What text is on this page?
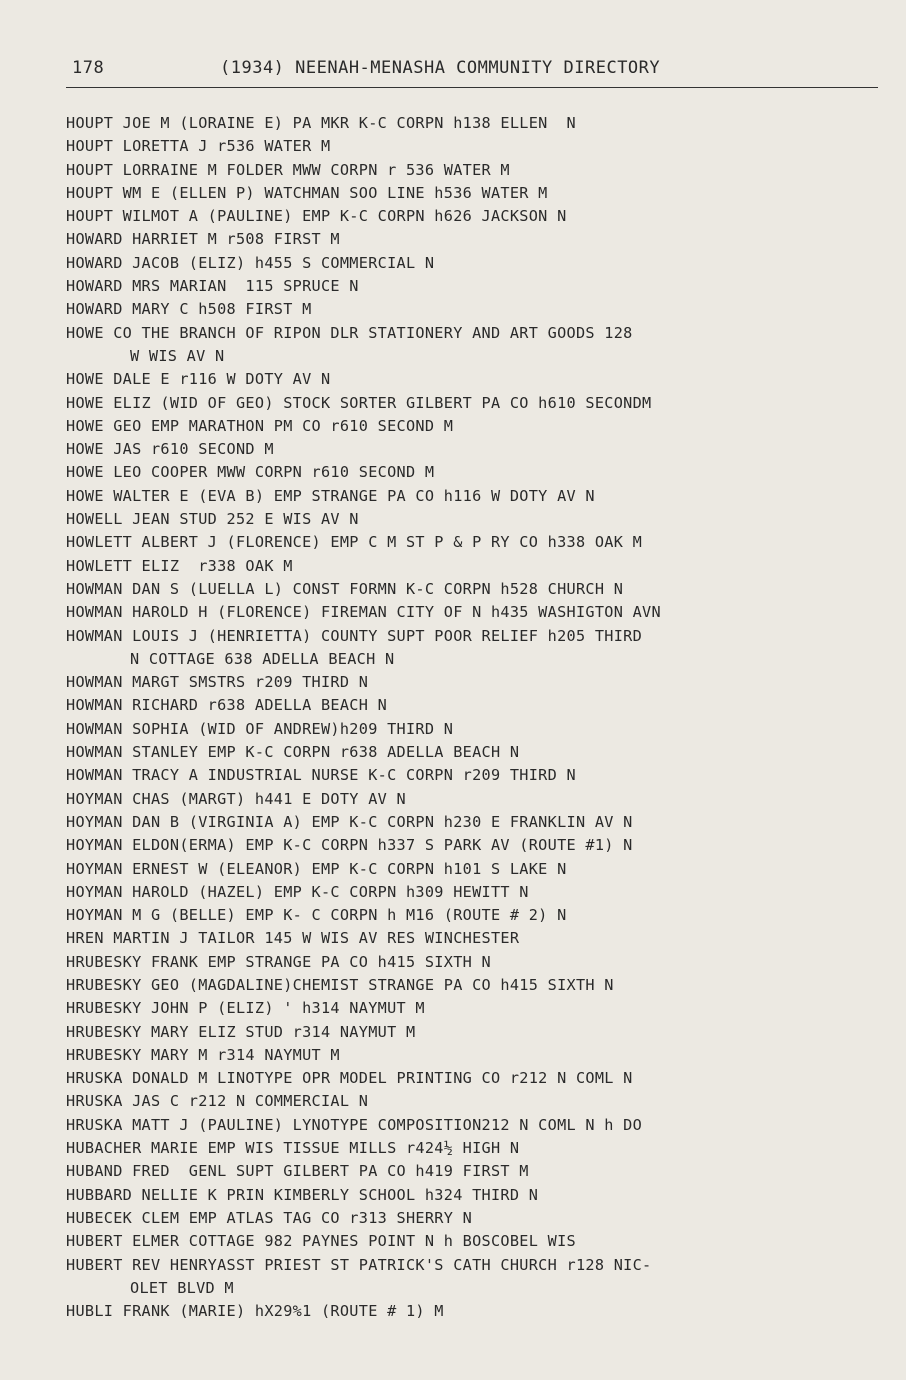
178	(1934) NEENAH-MENASHA COMMUNITY DIRECTORY
HOUPT JOE M (LORAINE E) PA MKR K-C CORPN h138 ELLEN  N
HOUPT LORETTA J r536 WATER M
HOUPT LORRAINE M FOLDER MWW CORPN r 536 WATER M
HOUPT WM E (ELLEN P) WATCHMAN SOO LINE h536 WATER M
HOUPT WILMOT A (PAULINE) EMP K-C CORPN h626 JACKSON N
HOWARD HARRIET M r508 FIRST M
HOWARD JACOB (ELIZ) h455 S COMMERCIAL N
HOWARD MRS MARIAN  115 SPRUCE N
HOWARD MARY C h508 FIRST M
HOWE CO THE BRANCH OF RIPON DLR STATIONERY AND ART GOODS 128
W WIS AV N
HOWE DALE E r116 W DOTY AV N
HOWE ELIZ (WID OF GEO) STOCK SORTER GILBERT PA CO h610 SECONDM
HOWE GEO EMP MARATHON PM CO r610 SECOND M
HOWE JAS r610 SECOND M
HOWE LEO COOPER MWW CORPN r610 SECOND M
HOWE WALTER E (EVA B) EMP STRANGE PA CO h116 W DOTY AV N
HOWELL JEAN STUD 252 E WIS AV N
HOWLETT ALBERT J (FLORENCE) EMP C M ST P & P RY CO h338 OAK M
HOWLETT ELIZ  r338 OAK M
HOWMAN DAN S (LUELLA L) CONST FORMN K-C CORPN h528 CHURCH N
HOWMAN HAROLD H (FLORENCE) FIREMAN CITY OF N h435 WASHIGTON AVN
HOWMAN LOUIS J (HENRIETTA) COUNTY SUPT POOR RELIEF h205 THIRD
N COTTAGE 638 ADELLA BEACH N
HOWMAN MARGT SMSTRS r209 THIRD N
HOWMAN RICHARD r638 ADELLA BEACH N
HOWMAN SOPHIA (WID OF ANDREW)h209 THIRD N
HOWMAN STANLEY EMP K-C CORPN r638 ADELLA BEACH N
HOWMAN TRACY A INDUSTRIAL NURSE K-C CORPN r209 THIRD N
HOYMAN CHAS (MARGT) h441 E DOTY AV N
HOYMAN DAN B (VIRGINIA A) EMP K-C CORPN h230 E FRANKLIN AV N
HOYMAN ELDON(ERMA) EMP K-C CORPN h337 S PARK AV (ROUTE #1) N
HOYMAN ERNEST W (ELEANOR) EMP K-C CORPN h101 S LAKE N
HOYMAN HAROLD (HAZEL) EMP K-C CORPN h309 HEWITT N
HOYMAN M G (BELLE) EMP K- C CORPN h M16 (ROUTE # 2) N
HREN MARTIN J TAILOR 145 W WIS AV RES WINCHESTER
HRUBESKY FRANK EMP STRANGE PA CO h415 SIXTH N
HRUBESKY GEO (MAGDALINE)CHEMIST STRANGE PA CO h415 SIXTH N
HRUBESKY JOHN P (ELIZ) ' h314 NAYMUT M
HRUBESKY MARY ELIZ STUD r314 NAYMUT M
HRUBESKY MARY M r314 NAYMUT M
HRUSKA DONALD M LINOTYPE OPR MODEL PRINTING CO r212 N COML N
HRUSKA JAS C r212 N COMMERCIAL N
HRUSKA MATT J (PAULINE) LYNOTYPE COMPOSITION212 N COML N h DO
HUBACHER MARIE EMP WIS TISSUE MILLS r424½ HIGH N
HUBAND FRED  GENL SUPT GILBERT PA CO h419 FIRST M
HUBBARD NELLIE K PRIN KIMBERLY SCHOOL h324 THIRD N
HUBECEK CLEM EMP ATLAS TAG CO r313 SHERRY N
HUBERT ELMER COTTAGE 982 PAYNES POINT N h BOSCOBEL WIS
HUBERT REV HENRYASST PRIEST ST PATRICK'S CATH CHURCH r128 NIC-
OLET BLVD M
HUBLI FRANK (MARIE) hX29%1 (ROUTE # 1) M
